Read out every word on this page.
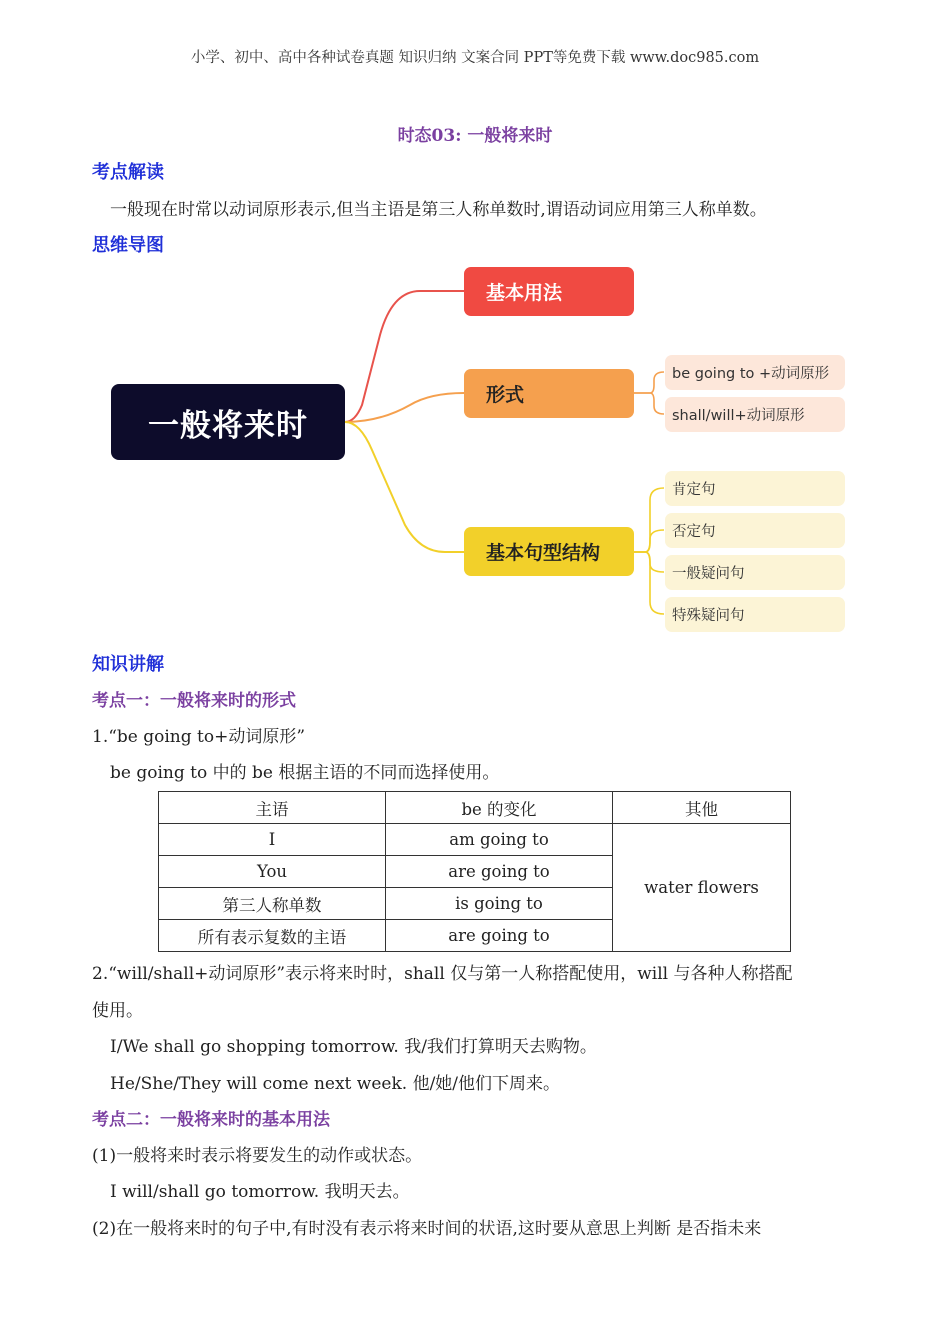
小学、初中、高中各种试卷真题 知识归纳 文案合同 PPT等免费下载 www.doc985.com
时态03: 一般将来时
考点解读
一般现在时常以动词原形表示,但当主语是第三人称单数时,谓语动词应用第三人称单数。
思维导图
一般将来时
基本用法
形式
基本句型结构
be going to +动词原形
shall/will+动词原形
肯定句
否定句
一般疑问句
特殊疑问句
知识讲解
考点一：一般将来时的形式
1.“be going to+动词原形”
be going to 中的 be 根据主语的不同而选择使用。
主语	be 的变化	其他
I	am going to	water flowers
You	are going to	
第三人称单数	is going to	
所有表示复数的主语	are going to	
2.“will/shall+动词原形”表示将来时时，shall 仅与第一人称搭配使用，will 与各种人称搭配
使用。
I/We shall go shopping tomorrow. 我/我们打算明天去购物。
He/She/They will come next week. 他/她/他们下周来。
考点二：一般将来时的基本用法
(1)一般将来时表示将要发生的动作或状态。
I will/shall go tomorrow. 我明天去。
(2)在一般将来时的句子中,有时没有表示将来时间的状语,这时要从意思上判断 是否指未来
